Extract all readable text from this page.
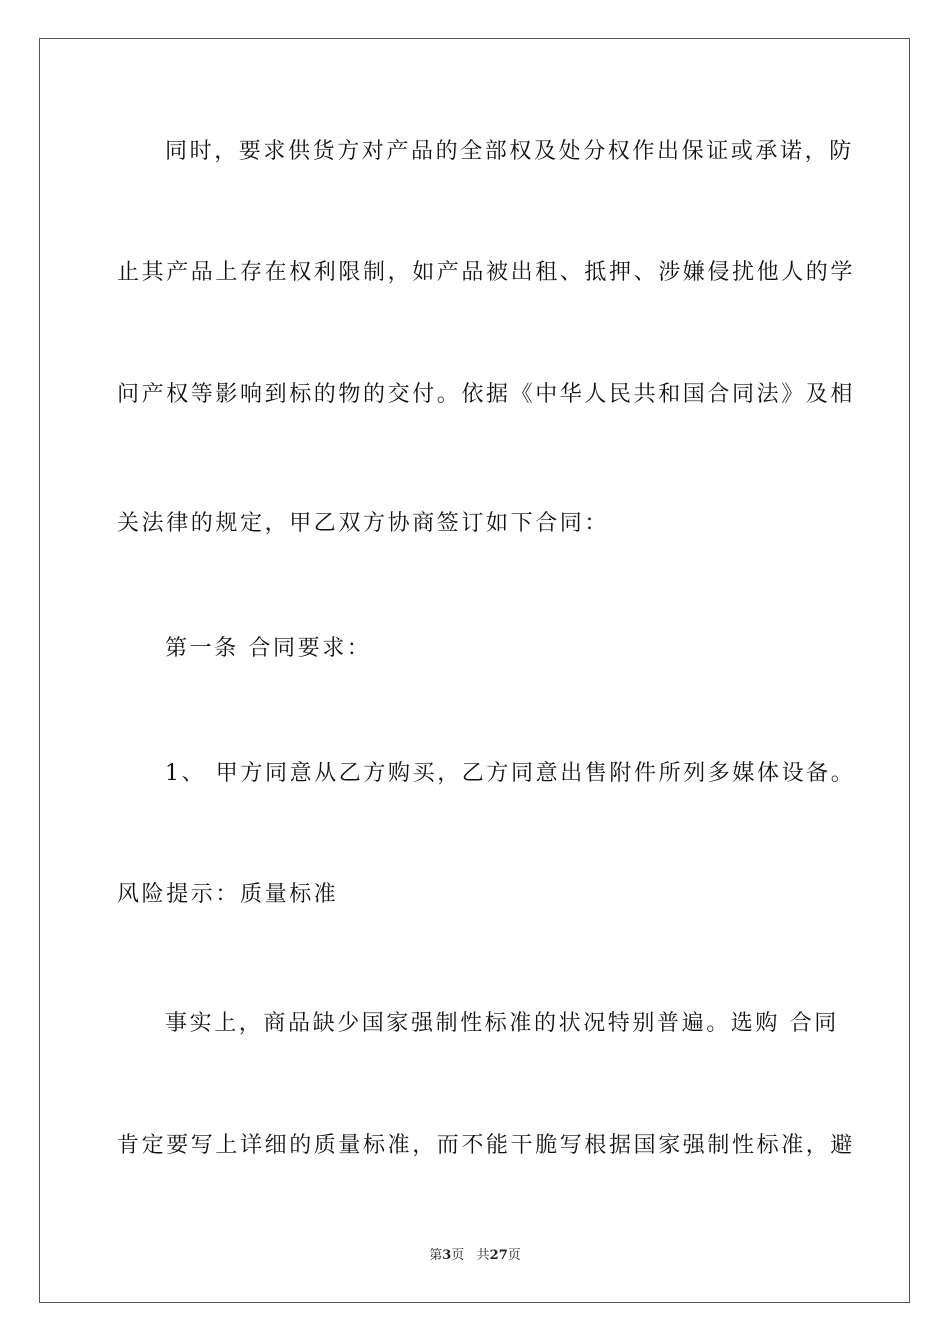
同时，要求供货方对产品的全部权及处分权作出保证或承诺，防
止其产品上存在权利限制，如产品被出租、抵押、涉嫌侵扰他人的学
问产权等影响到标的物的交付。依据《中华人民共和国合同法》及相
关法律的规定，甲乙双方协商签订如下合同：
第一条 合同要求：
1、 甲方同意从乙方购买，乙方同意出售附件所列多媒体设备。
风险提示：质量标准
事实上，商品缺少国家强制性标准的状况特别普遍。选购 合同
肯定要写上详细的质量标准，而不能干脆写根据国家强制性标准，避
第3页   共27页
